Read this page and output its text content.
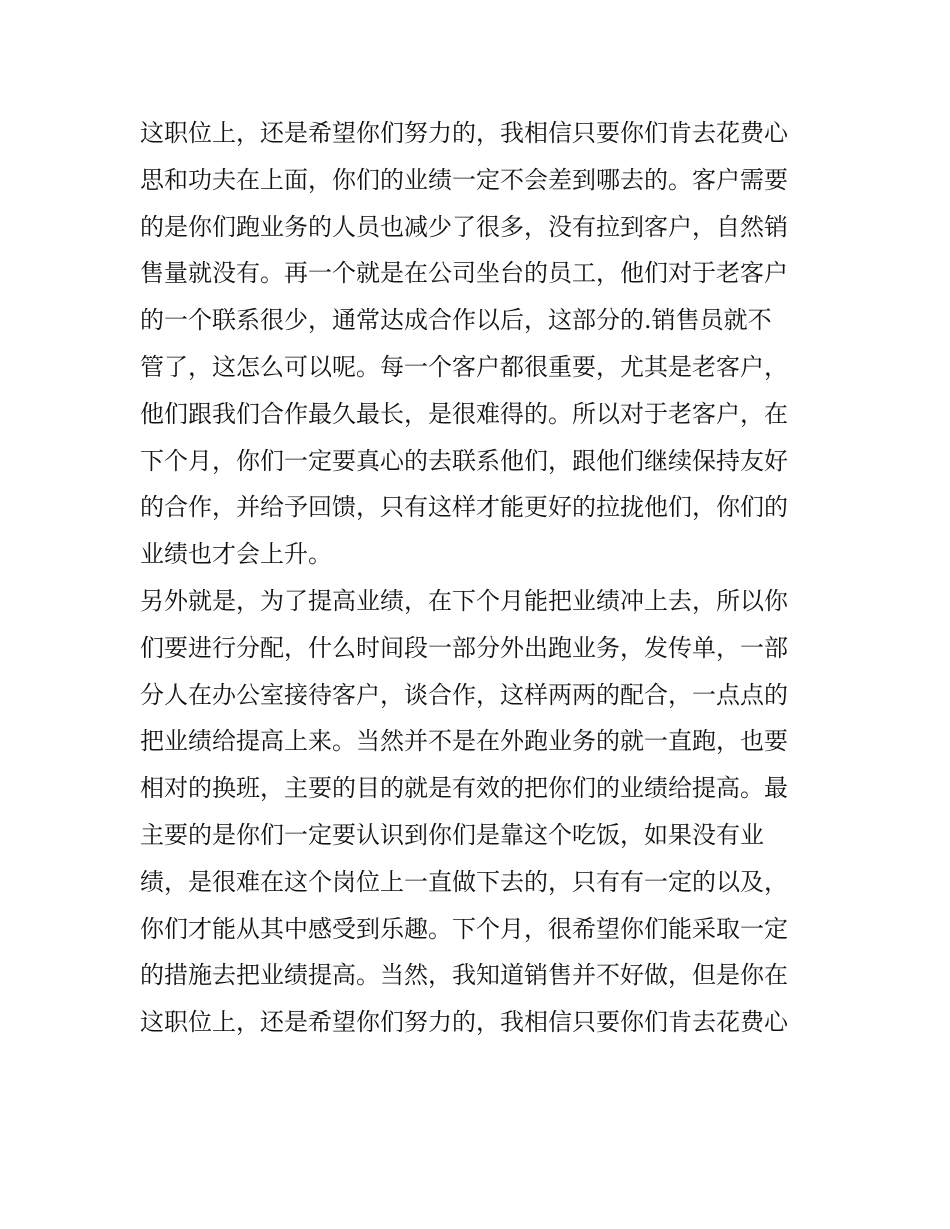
这职位上，还是希望你们努力的，我相信只要你们肯去花费心
思和功夫在上面，你们的业绩一定不会差到哪去的。客户需要
的是你们跑业务的人员也减少了很多，没有拉到客户，自然销
售量就没有。再一个就是在公司坐台的员工，他们对于老客户
的一个联系很少，通常达成合作以后，这部分的.销售员就不
管了，这怎么可以呢。每一个客户都很重要，尤其是老客户，
他们跟我们合作最久最长，是很难得的。所以对于老客户，在
下个月，你们一定要真心的去联系他们，跟他们继续保持友好
的合作，并给予回馈，只有这样才能更好的拉拢他们，你们的
业绩也才会上升。
另外就是，为了提高业绩，在下个月能把业绩冲上去，所以你
们要进行分配，什么时间段一部分外出跑业务，发传单，一部
分人在办公室接待客户，谈合作，这样两两的配合，一点点的
把业绩给提高上来。当然并不是在外跑业务的就一直跑，也要
相对的换班，主要的目的就是有效的把你们的业绩给提高。最
主要的是你们一定要认识到你们是靠这个吃饭，如果没有业
绩，是很难在这个岗位上一直做下去的，只有有一定的以及，
你们才能从其中感受到乐趣。下个月，很希望你们能采取一定
的措施去把业绩提高。当然，我知道销售并不好做，但是你在
这职位上，还是希望你们努力的，我相信只要你们肯去花费心
